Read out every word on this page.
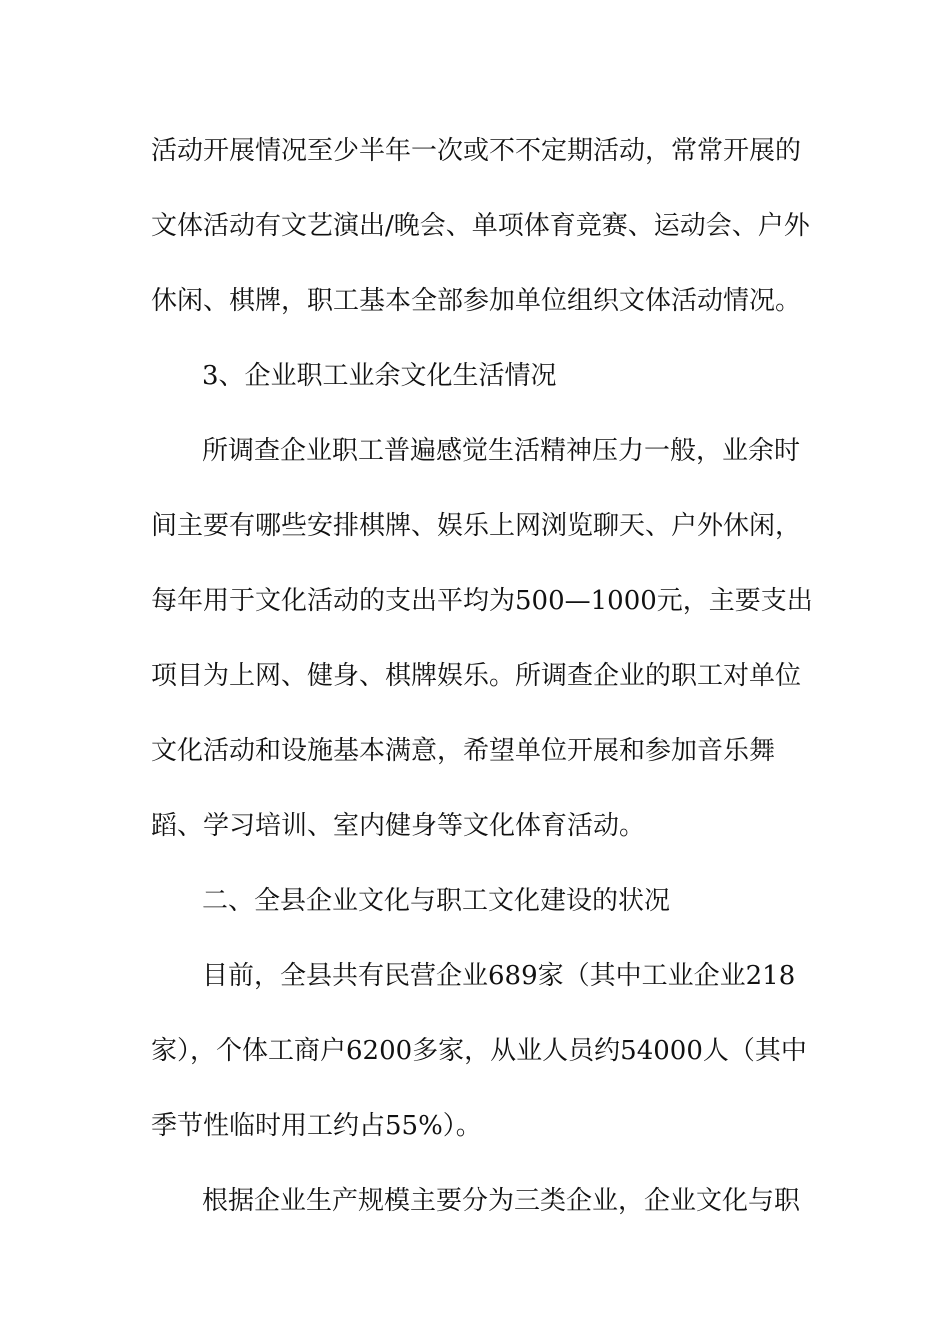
活动开展情况至少半年一次或不不定期活动，常常开展的
文体活动有文艺演出/晚会、单项体育竞赛、运动会、户外
休闲、棋牌，职工基本全部参加单位组织文体活动情况。
3、企业职工业余文化生活情况
所调查企业职工普遍感觉生活精神压力一般，业余时
间主要有哪些安排棋牌、娱乐上网浏览聊天、户外休闲，
每年用于文化活动的支出平均为500—1000元，主要支出
项目为上网、健身、棋牌娱乐。所调查企业的职工对单位
文化活动和设施基本满意，希望单位开展和参加音乐舞
蹈、学习培训、室内健身等文化体育活动。
二、全县企业文化与职工文化建设的状况
目前，全县共有民营企业689家（其中工业企业218
家），个体工商户6200多家，从业人员约54000人（其中
季节性临时用工约占55%）。
根据企业生产规模主要分为三类企业，企业文化与职
